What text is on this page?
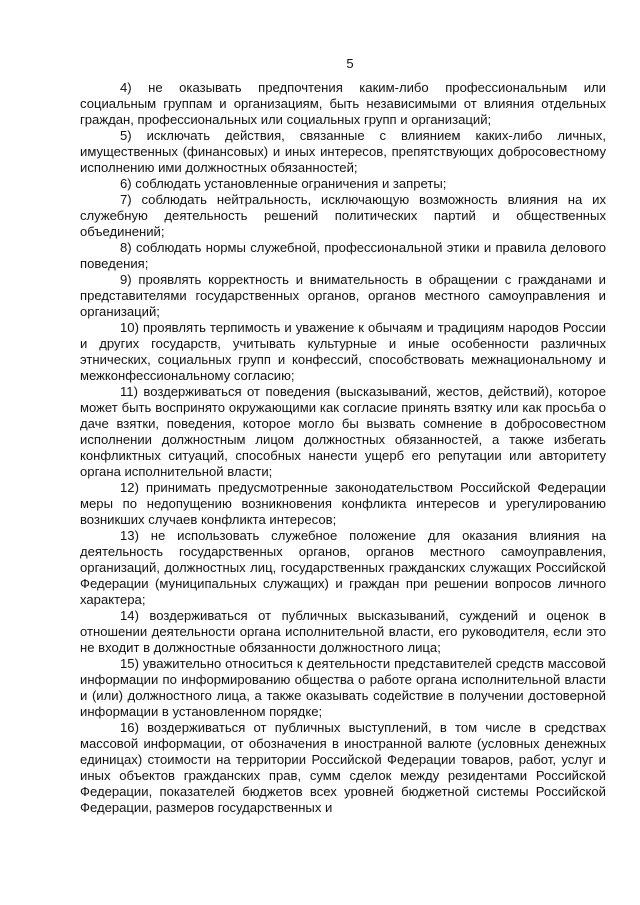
5

4) не оказывать предпочтения каким-либо профессиональным или социальным группам и организациям, быть независимыми от влияния отдельных граждан, профессиональных или социальных групп и организаций;

5) исключать действия, связанные с влиянием каких-либо личных, имущественных (финансовых) и иных интересов, препятствующих добросовестному исполнению ими должностных обязанностей;

6) соблюдать установленные ограничения и запреты;

7) соблюдать нейтральность, исключающую возможность влияния на их служебную деятельность решений политических партий и общественных объединений;

8) соблюдать нормы служебной, профессиональной этики и правила делового поведения;

9) проявлять корректность и внимательность в обращении с гражданами и представителями государственных органов, органов местного самоуправления и организаций;

10) проявлять терпимость и уважение к обычаям и традициям народов России и других государств, учитывать культурные и иные особенности различных этнических, социальных групп и конфессий, способствовать межнациональному и межконфессиональному согласию;

11) воздерживаться от поведения (высказываний, жестов, действий), которое может быть воспринято окружающими как согласие принять взятку или как просьба о даче взятки, поведения, которое могло бы вызвать сомнение в добросовестном исполнении должностным лицом должностных обязанностей, а также избегать конфликтных ситуаций, способных нанести ущерб его репутации или авторитету органа исполнительной власти;

12) принимать предусмотренные законодательством Российской Федерации меры по недопущению возникновения конфликта интересов и урегулированию возникших случаев конфликта интересов;

13) не использовать служебное положение для оказания влияния на деятельность государственных органов, органов местного самоуправления, организаций, должностных лиц, государственных гражданских служащих Российской Федерации (муниципальных служащих) и граждан при решении вопросов личного характера;

14) воздерживаться от публичных высказываний, суждений и оценок в отношении деятельности органа исполнительной власти, его руководителя, если это не входит в должностные обязанности должностного лица;

15) уважительно относиться к деятельности представителей средств массовой информации по информированию общества о работе органа исполнительной власти и (или) должностного лица, а также оказывать содействие в получении достоверной информации в установленном порядке;

16) воздерживаться от публичных выступлений, в том числе в средствах массовой информации, от обозначения в иностранной валюте (условных денежных единицах) стоимости на территории Российской Федерации товаров, работ, услуг и иных объектов гражданских прав, сумм сделок между резидентами Российской Федерации, показателей бюджетов всех уровней бюджетной системы Российской Федерации, размеров государственных и
